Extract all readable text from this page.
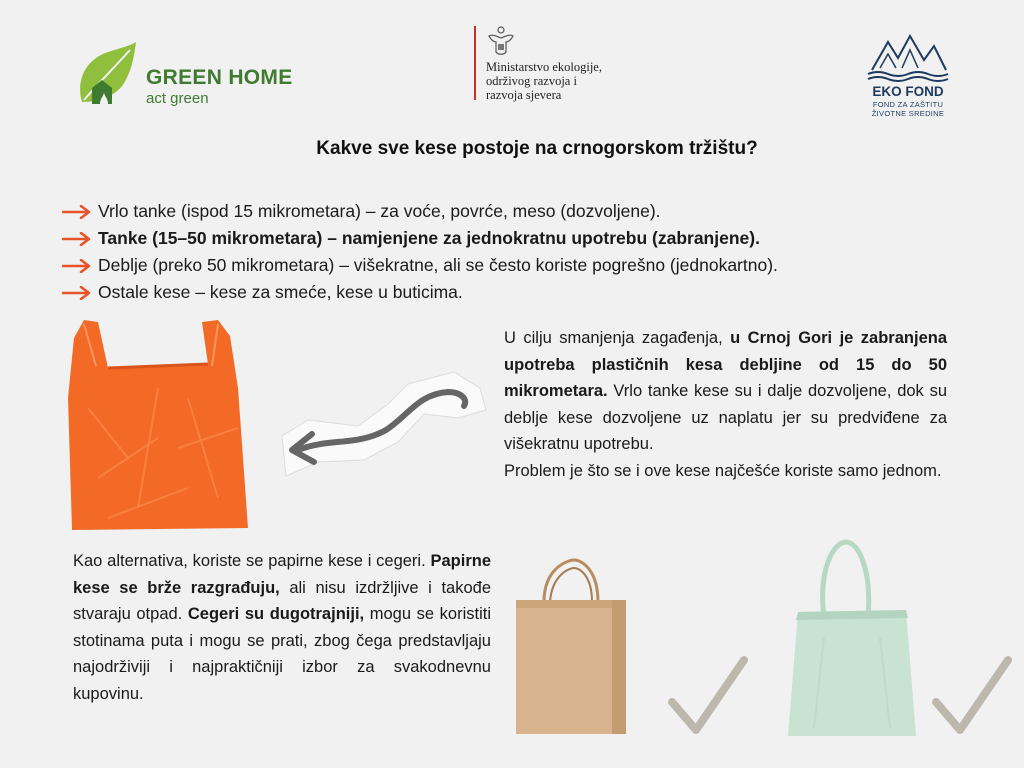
GREEN HOME
act green
Ministarstvo ekologije,
održivog razvoja i
razvoja sjevera	EKO FOND
FOND ZA ZAŠTITU
ŽIVOTNE SREDINE
Kakve sve kese postoje na crnogorskom tržištu?
Vrlo tanke (ispod 15 mikrometara) – za voće, povrće, meso (dozvoljene).
Tanke (15–50 mikrometara) – namjenjene za jednokratnu upotrebu (zabranjene).
Deblje (preko 50 mikrometara) – višekratne, ali se često koriste pogrešno (jednokartno).
Ostale kese – kese za smeće, kese u buticima.
U cilju smanjenja zagađenja, u Crnoj Gori je zabranjena upotreba plastičnih kesa debljine od 15 do 50 mikrometara. Vrlo tanke kese su i dalje dozvoljene, dok su deblje kese dozvoljene uz naplatu jer su predviđene za višekratnu upotrebu.
Problem je što se i ove kese najčešće koriste samo jednom.
Kao alternativa, koriste se papirne kese i cegeri. Papirne kese se brže razgrađuju, ali nisu izdržljive i takođe stvaraju otpad. Cegeri su dugotrajniji, mogu se koristiti stotinama puta i mogu se prati, zbog čega predstavljaju najodrživiji i najpraktičniji izbor za svakodnevnu kupovinu.
